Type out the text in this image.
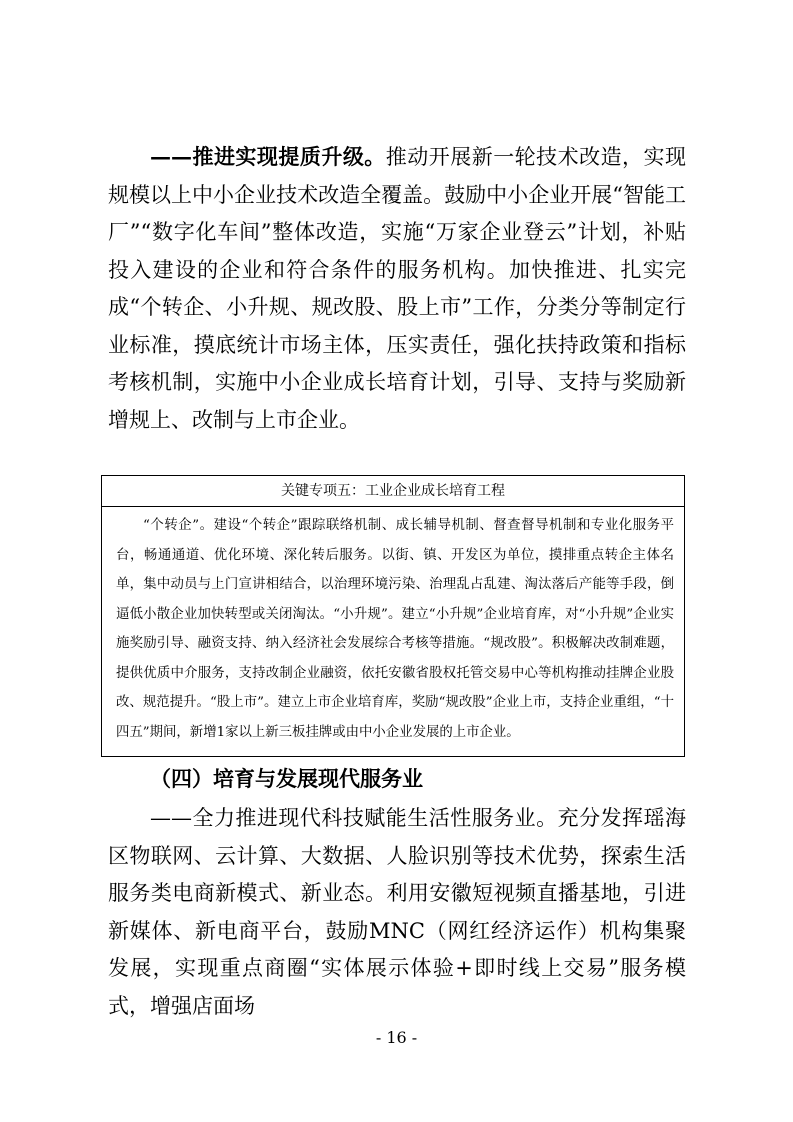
——推进实现提质升级。推动开展新一轮技术改造，实现规模以上中小企业技术改造全覆盖。鼓励中小企业开展“智能工厂”“数字化车间”整体改造，实施“万家企业登云”计划，补贴投入建设的企业和符合条件的服务机构。加快推进、扎实完成“个转企、小升规、规改股、股上市”工作，分类分等制定行业标准，摸底统计市场主体，压实责任，强化扶持政策和指标考核机制，实施中小企业成长培育计划，引导、支持与奖励新增规上、改制与上市企业。

关键专项五：工业企业成长培育工程
“个转企”。建设“个转企”跟踪联络机制、成长辅导机制、督查督导机制和专业化服务平台，畅通通道、优化环境、深化转后服务。以街、镇、开发区为单位，摸排重点转企主体名单，集中动员与上门宣讲相结合，以治理环境污染、治理乱占乱建、淘汰落后产能等手段，倒逼低小散企业加快转型或关闭淘汰。“小升规”。建立“小升规”企业培育库，对“小升规”企业实施奖励引导、融资支持、纳入经济社会发展综合考核等措施。“规改股”。积极解决改制难题，提供优质中介服务，支持改制企业融资，依托安徽省股权托管交易中心等机构推动挂牌企业股改、规范提升。“股上市”。建立上市企业培育库，奖励“规改股”企业上市，支持企业重组，“十四五”期间，新增1家以上新三板挂牌或由中小企业发展的上市企业。
（四）培育与发展现代服务业

——全力推进现代科技赋能生活性服务业。充分发挥瑶海区物联网、云计算、大数据、人脸识别等技术优势，探索生活服务类电商新模式、新业态。利用安徽短视频直播基地，引进新媒体、新电商平台，鼓励MNC（网红经济运作）机构集聚发展，实现重点商圈“实体展示体验+即时线上交易”服务模式，增强店面场

- 16 -
